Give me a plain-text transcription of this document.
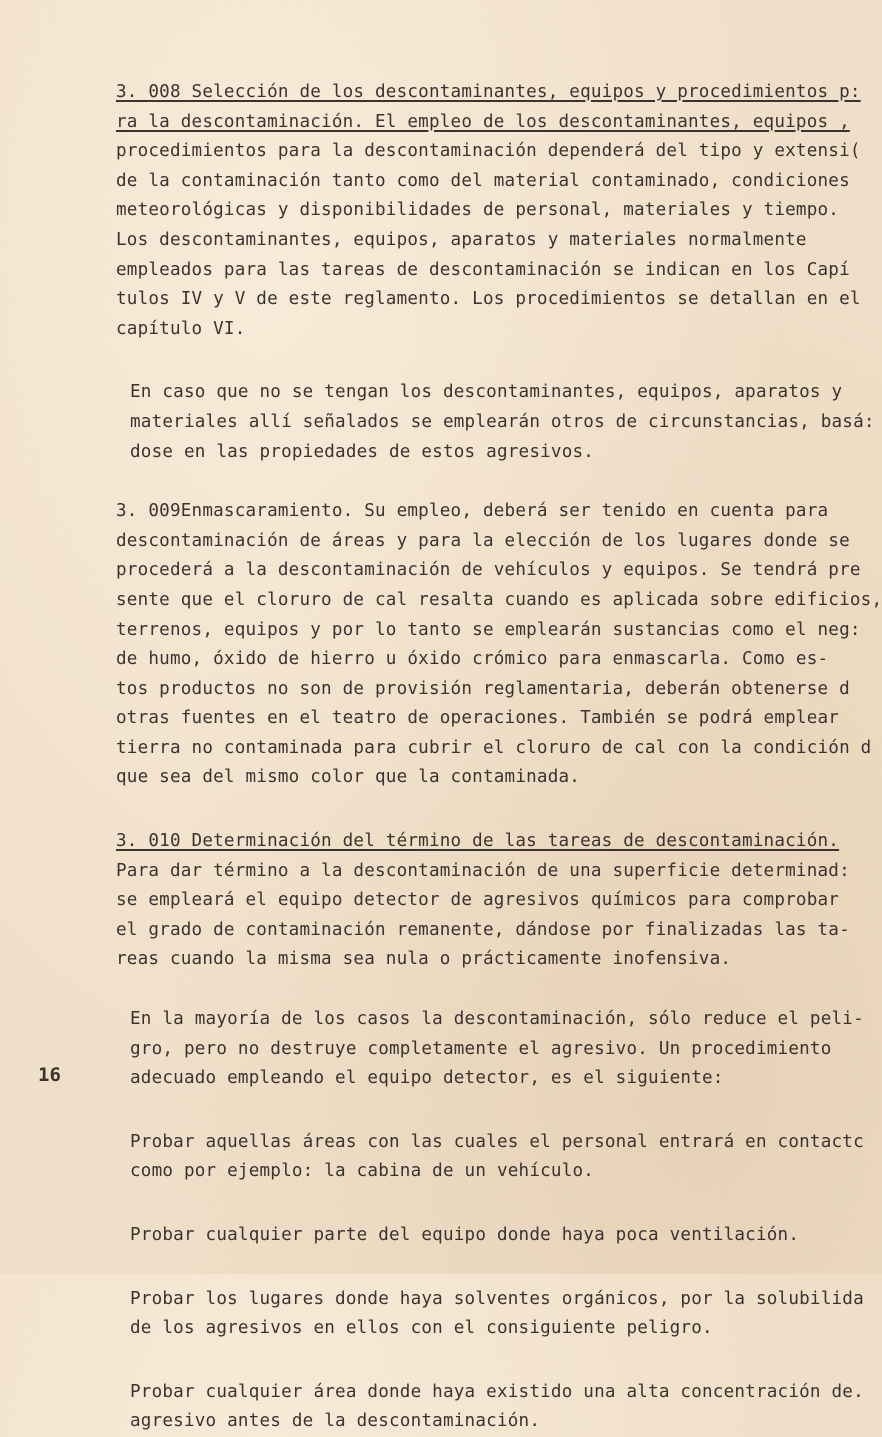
3. 008 Selección de los descontaminantes, equipos y procedimientos p:
ra la descontaminación. El empleo de los descontaminantes, equipos ,
procedimientos para la descontaminación dependerá del tipo y extensi(
de la contaminación tanto como del material contaminado, condiciones
meteorológicas y disponibilidades de personal, materiales y tiempo.
Los descontaminantes, equipos, aparatos y materiales normalmente
empleados para las tareas de descontaminación se indican en los Capí
tulos IV y V de este reglamento. Los procedimientos se detallan en el
capítulo VI.

En caso que no se tengan los descontaminantes, equipos, aparatos y
materiales allí señalados se emplearán otros de circunstancias, basá:
dose en las propiedades de estos agresivos.

3. 009Enmascaramiento. Su empleo, deberá ser tenido en cuenta para
descontaminación de áreas y para la elección de los lugares donde se
procederá a la descontaminación de vehículos y equipos. Se tendrá pre
sente que el cloruro de cal resalta cuando es aplicada sobre edificios,
terrenos, equipos y por lo tanto se emplearán sustancias como el neg:
de humo, óxido de hierro u óxido crómico para enmascarla. Como es-
tos productos no son de provisión reglamentaria, deberán obtenerse d
otras fuentes en el teatro de operaciones. También se podrá emplear
tierra no contaminada para cubrir el cloruro de cal con la condición d
que sea del mismo color que la contaminada.

3. 010 Determinación del término de las tareas de descontaminación.
Para dar término a la descontaminación de una superficie determinad:
se empleará el equipo detector de agresivos químicos para comprobar
el grado de contaminación remanente, dándose por finalizadas las ta-
reas cuando la misma sea nula o prácticamente inofensiva.

En la mayoría de los casos la descontaminación, sólo reduce el peli-
gro, pero no destruye completamente el agresivo. Un procedimiento
adecuado empleando el equipo detector, es el siguiente:

Probar aquellas áreas con las cuales el personal entrará en contactc
como por ejemplo: la cabina de un vehículo.

Probar cualquier parte del equipo donde haya poca ventilación.

Probar los lugares donde haya solventes orgánicos, por la solubilida
de los agresivos en ellos con el consiguiente peligro.

Probar cualquier área donde haya existido una alta concentración de.
agresivo antes de la descontaminación.

16
